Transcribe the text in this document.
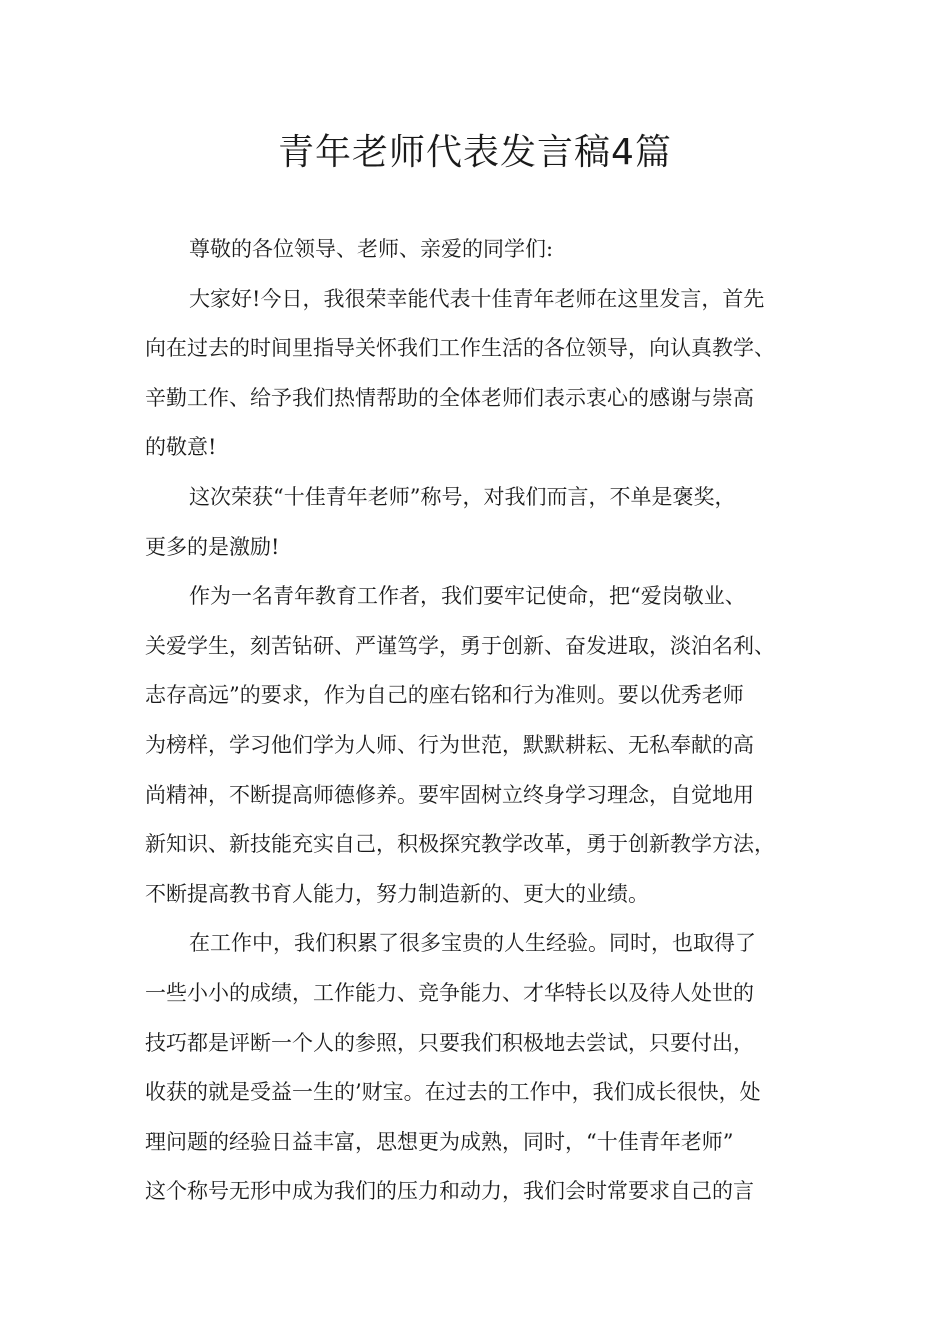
青年老师代表发言稿4篇
尊敬的各位领导、老师、亲爱的同学们:
大家好!今日，我很荣幸能代表十佳青年老师在这里发言，首先
向在过去的时间里指导关怀我们工作生活的各位领导，向认真教学、
辛勤工作、给予我们热情帮助的全体老师们表示衷心的感谢与崇高
的敬意!
这次荣获“十佳青年老师”称号，对我们而言，不单是褒奖，
更多的是激励!
作为一名青年教育工作者，我们要牢记使命，把“爱岗敬业、
关爱学生，刻苦钻研、严谨笃学，勇于创新、奋发进取，淡泊名利、
志存高远”的要求，作为自己的座右铭和行为准则。要以优秀老师
为榜样，学习他们学为人师、行为世范，默默耕耘、无私奉献的高
尚精神，不断提高师德修养。要牢固树立终身学习理念，自觉地用
新知识、新技能充实自己，积极探究教学改革，勇于创新教学方法，
不断提高教书育人能力，努力制造新的、更大的业绩。
在工作中，我们积累了很多宝贵的人生经验。同时，也取得了
一些小小的成绩，工作能力、竞争能力、才华特长以及待人处世的
技巧都是评断一个人的参照，只要我们积极地去尝试，只要付出，
收获的就是受益一生的’财宝。在过去的工作中，我们成长很快，处
理问题的经验日益丰富，思想更为成熟，同时，“十佳青年老师”
这个称号无形中成为我们的压力和动力，我们会时常要求自己的言
